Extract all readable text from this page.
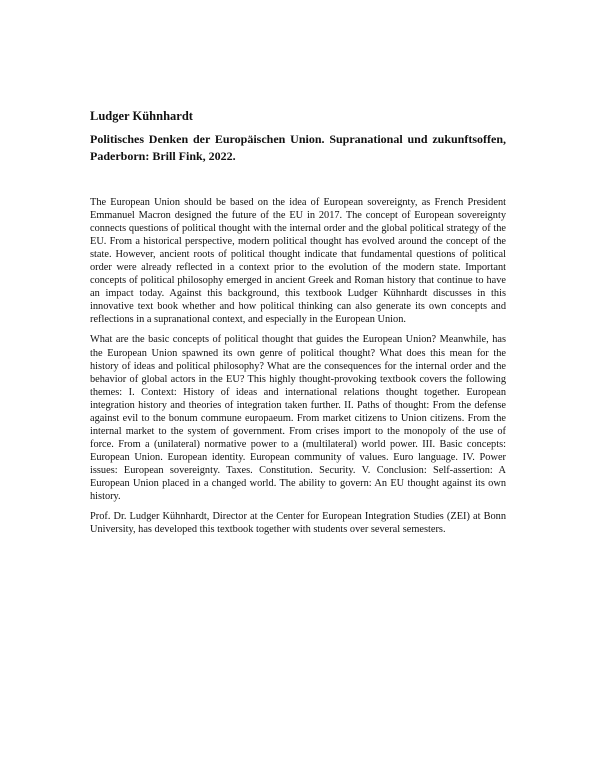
Ludger Kühnhardt

Politisches Denken der Europäischen Union. Supranational und zukunftsoffen, Paderborn: Brill Fink, 2022.

The European Union should be based on the idea of European sovereignty, as French President Emmanuel Macron designed the future of the EU in 2017. The concept of European sovereignty connects questions of political thought with the internal order and the global political strategy of the EU. From a historical perspective, modern political thought has evolved around the concept of the state. However, ancient roots of political thought indicate that fundamental questions of political order were already reflected in a context prior to the evolution of the modern state. Important concepts of political philosophy emerged in ancient Greek and Roman history that continue to have an impact today. Against this background, this textbook Ludger Kühnhardt discusses in this innovative text book whether and how political thinking can also generate its own concepts and reflections in a supranational context, and especially in the European Union.

What are the basic concepts of political thought that guides the European Union? Meanwhile, has the European Union spawned its own genre of political thought? What does this mean for the history of ideas and political philosophy? What are the consequences for the internal order and the behavior of global actors in the EU? This highly thought-provoking textbook covers the following themes: I. Context: History of ideas and international relations thought together. European integration history and theories of integration taken further. II. Paths of thought: From the defense against evil to the bonum commune europaeum. From market citizens to Union citizens. From the internal market to the system of government. From crises import to the monopoly of the use of force. From a (unilateral) normative power to a (multilateral) world power. III. Basic concepts: European Union. European identity. European community of values. Euro language. IV. Power issues: European sovereignty. Taxes. Constitution. Security. V. Conclusion: Self-assertion: A European Union placed in a changed world. The ability to govern: An EU thought against its own history.

Prof. Dr. Ludger Kühnhardt, Director at the Center for European Integration Studies (ZEI) at Bonn University, has developed this textbook together with students over several semesters.
